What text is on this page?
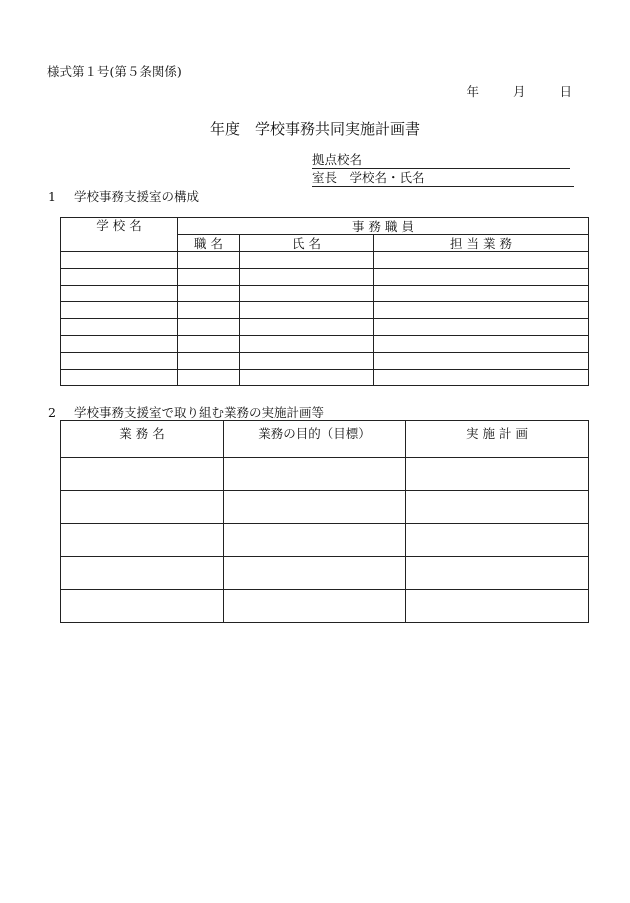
様式第１号(第５条関係)
年	月	日
年度　学校事務共同実施計画書
拠点校名
室長　学校名・氏名
1 学校事務支援室の構成
学 校 名	事 務 職 員		
	職 名	氏 名	担 当 業 務

2 学校事務支援室で取り組む業務の実施計画等
業 務 名	業務の目的（目標）	実 施 計 画
